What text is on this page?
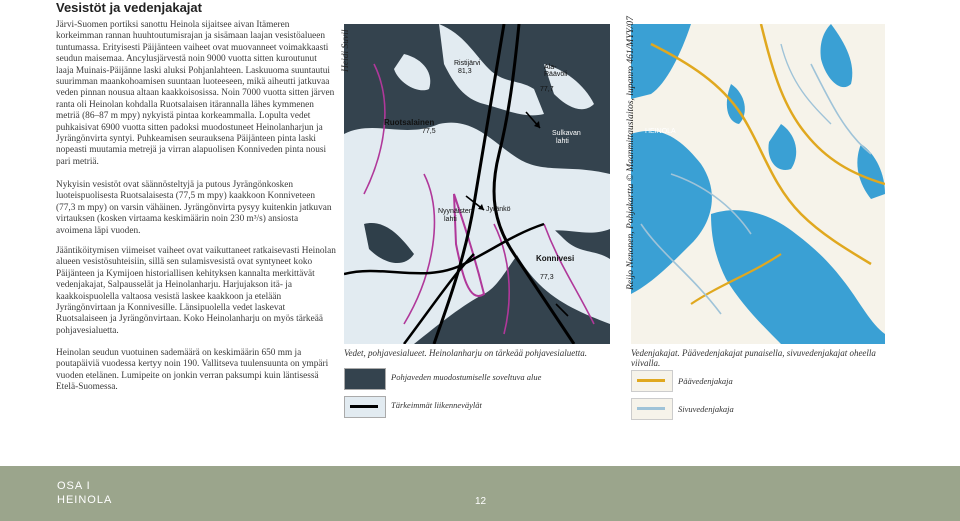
Vesistöt ja vedenjakajat

Järvi-Suomen portiksi sanottu Heinola sijaitsee aivan Itämeren korkeimman rannan huuhtoutumisrajan ja sisämaan laajan vesistöalueen tuntumassa. Erityisesti Päijänteen vaiheet ovat muovanneet voimakkaasti seudun maisemaa. Ancylusjärvestä noin 9000 vuotta sitten kuroutunut laaja Muinais-Päijänne laski aluksi Pohjanlahteen. Laskuuoma suuntautui suurimman maankohoamisen suuntaan luoteeseen, mikä aiheutti jatkuvaa veden pinnan nousua altaan kaakkoisosissa. Noin 7000 vuotta sitten järven ranta oli Heinolan kohdalla Ruotsalaisen itärannalla lähes kymmenen metriä (86–87 m mpy) nykyistä pintaa korkeammalla. Lopulta vedet puhkaisivat 6900 vuotta sitten padoksi muodostuneet Heinolanharjun ja Jyrängönvirta syntyi. Puhkeamisen seurauksena Päijänteen pinta laski nopeasti muutamia metrejä ja virran alapuolisen Konniveden pinta nousi pari metriä.

Nykyisin vesistöt ovat säännösteltyjä ja putous Jyrängönkosken luoteispuolisesta Ruotsalaisesta (77,5 m mpy) kaakkoon Konniveteen (77,3 m mpy) on varsin vähäinen. Jyrängönvirta pysyy kuitenkin jatkuvan virtauksen (kosken virtaama keskimäärin noin 230 m³/s) ansiosta avoimena läpi vuoden.

Jääntiköitymisen viimeiset vaiheet ovat vaikuttaneet ratkaisevasti Heinolan alueen vesistösuhteisiin, sillä sen sulamisvesistä ovat syntyneet koko Päijänteen ja Kymijoen historiallisen kehityksen kannalta merkittävät vedenjakajat, Salpausselät ja Heinolanharju. Harjujakson itä- ja kaakkoispuolella valtaosa vesistä laskee kaakkoon ja etelään Jyrängönvirtaan ja Konnivesille. Länsipuolella vedet laskevat Ruotsalaiseen ja Jyrängönvirtaan. Koko Heinolanharju on myös tärkeää pohjavesialuetta.

Heinolan seudun vuotuinen sademäärä on keskimäärin 650 mm ja poutapäiviä vuodessa kertyy noin 190. Vallitseva tuulensuunta on ympäri vuoden etelänen. Lumipeite on jonkin verran paksumpi kuin läntisessä Etelä-Suomessa.

Ristijärvi
81,3
Ala-Räävöli
77,7
Ruotsalainen
77,5	Sulkavan
lahti
Nyynäisten
lahti
Jyränkö
Konnivesi
77,3
Heidi Suvil
HEINOLA
Reijo Nenonen, Pohjakartta © Maanmittauslaitos, lupanro 461/MYY/07
Vedet, pohjavesialueet. Heinolanharju on tärkeää pohjavesialuetta.
Pohjaveden muodostumiselle soveltuva alue
Tärkeimmät liikenneväylät
Vedenjakajat. Päävedenjakajat punaisella, sivuvedenjakajat oheella viivalla.
Päävedenjakaja
Sivuvedenjakaja
OSA I
HEINOLA	12
